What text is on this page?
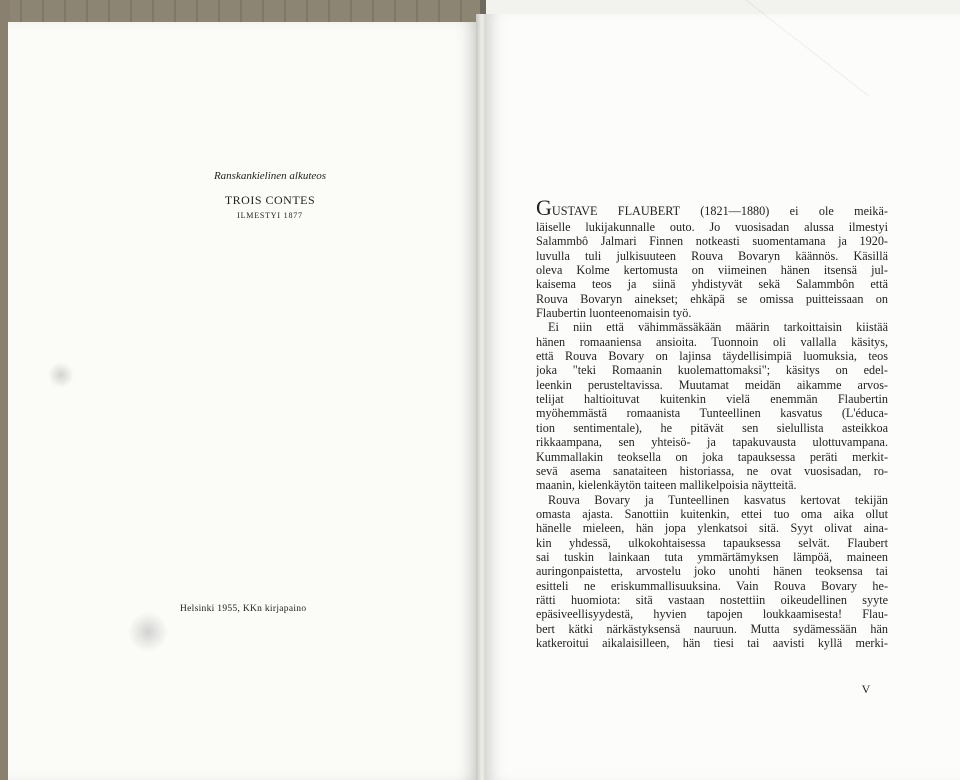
Ranskankielinen alkuteos
TROIS CONTES
ILMESTYI 1877
Helsinki 1955, KKn kirjapaino
GUSTAVE FLAUBERT (1821—1880) ei ole meikä-
läiselle lukijakunnalle outo. Jo vuosisadan alussa ilmestyi
Salammbô Jalmari Finnen notkeasti suomentamana ja 1920-
luvulla tuli julkisuuteen Rouva Bovaryn käännös. Käsillä
oleva Kolme kertomusta on viimeinen hänen itsensä jul-
kaisema teos ja siinä yhdistyvät sekä Salammbôn että
Rouva Bovaryn ainekset; ehkäpä se omissa puitteissaan on
Flaubertin luonteenomaisin työ.
Ei niin että vähimmässäkään määrin tarkoittaisin kiistää
hänen romaaniensa ansioita. Tuonnoin oli vallalla käsitys,
että Rouva Bovary on lajinsa täydellisimpiä luomuksia, teos
joka "teki Romaanin kuolemattomaksi"; käsitys on edel-
leenkin perusteltavissa. Muutamat meidän aikamme arvos-
telijat haltioituvat kuitenkin vielä enemmän Flaubertin
myöhemmästä romaanista Tunteellinen kasvatus (L'éduca-
tion sentimentale), he pitävät sen sielullista asteikkoa
rikkaampana, sen yhteisö- ja tapakuvausta ulottuvampana.
Kummallakin teoksella on joka tapauksessa peräti merkit-
sevä asema sanataiteen historiassa, ne ovat vuosisadan, ro-
maanin, kielenkäytön taiteen mallikelpoisia näytteitä.
Rouva Bovary ja Tunteellinen kasvatus kertovat tekijän
omasta ajasta. Sanottiin kuitenkin, ettei tuo oma aika ollut
hänelle mieleen, hän jopa ylenkatsoi sitä. Syyt olivat aina-
kin yhdessä, ulkokohtaisessa tapauksessa selvät. Flaubert
sai tuskin lainkaan tuta ymmärtämyksen lämpöä, maineen
auringonpaistetta, arvostelu joko unohti hänen teoksensa tai
esitteli ne eriskummallisuuksina. Vain Rouva Bovary he-
rätti huomiota: sitä vastaan nostettiin oikeudellinen syyte
epäsiveellisyydestä, hyvien tapojen loukkaamisesta! Flau-
bert kätki närkästyksensä nauruun. Mutta sydämessään hän
katkeroitui aikalaisilleen, hän tiesi tai aavisti kyllä merki-
V
